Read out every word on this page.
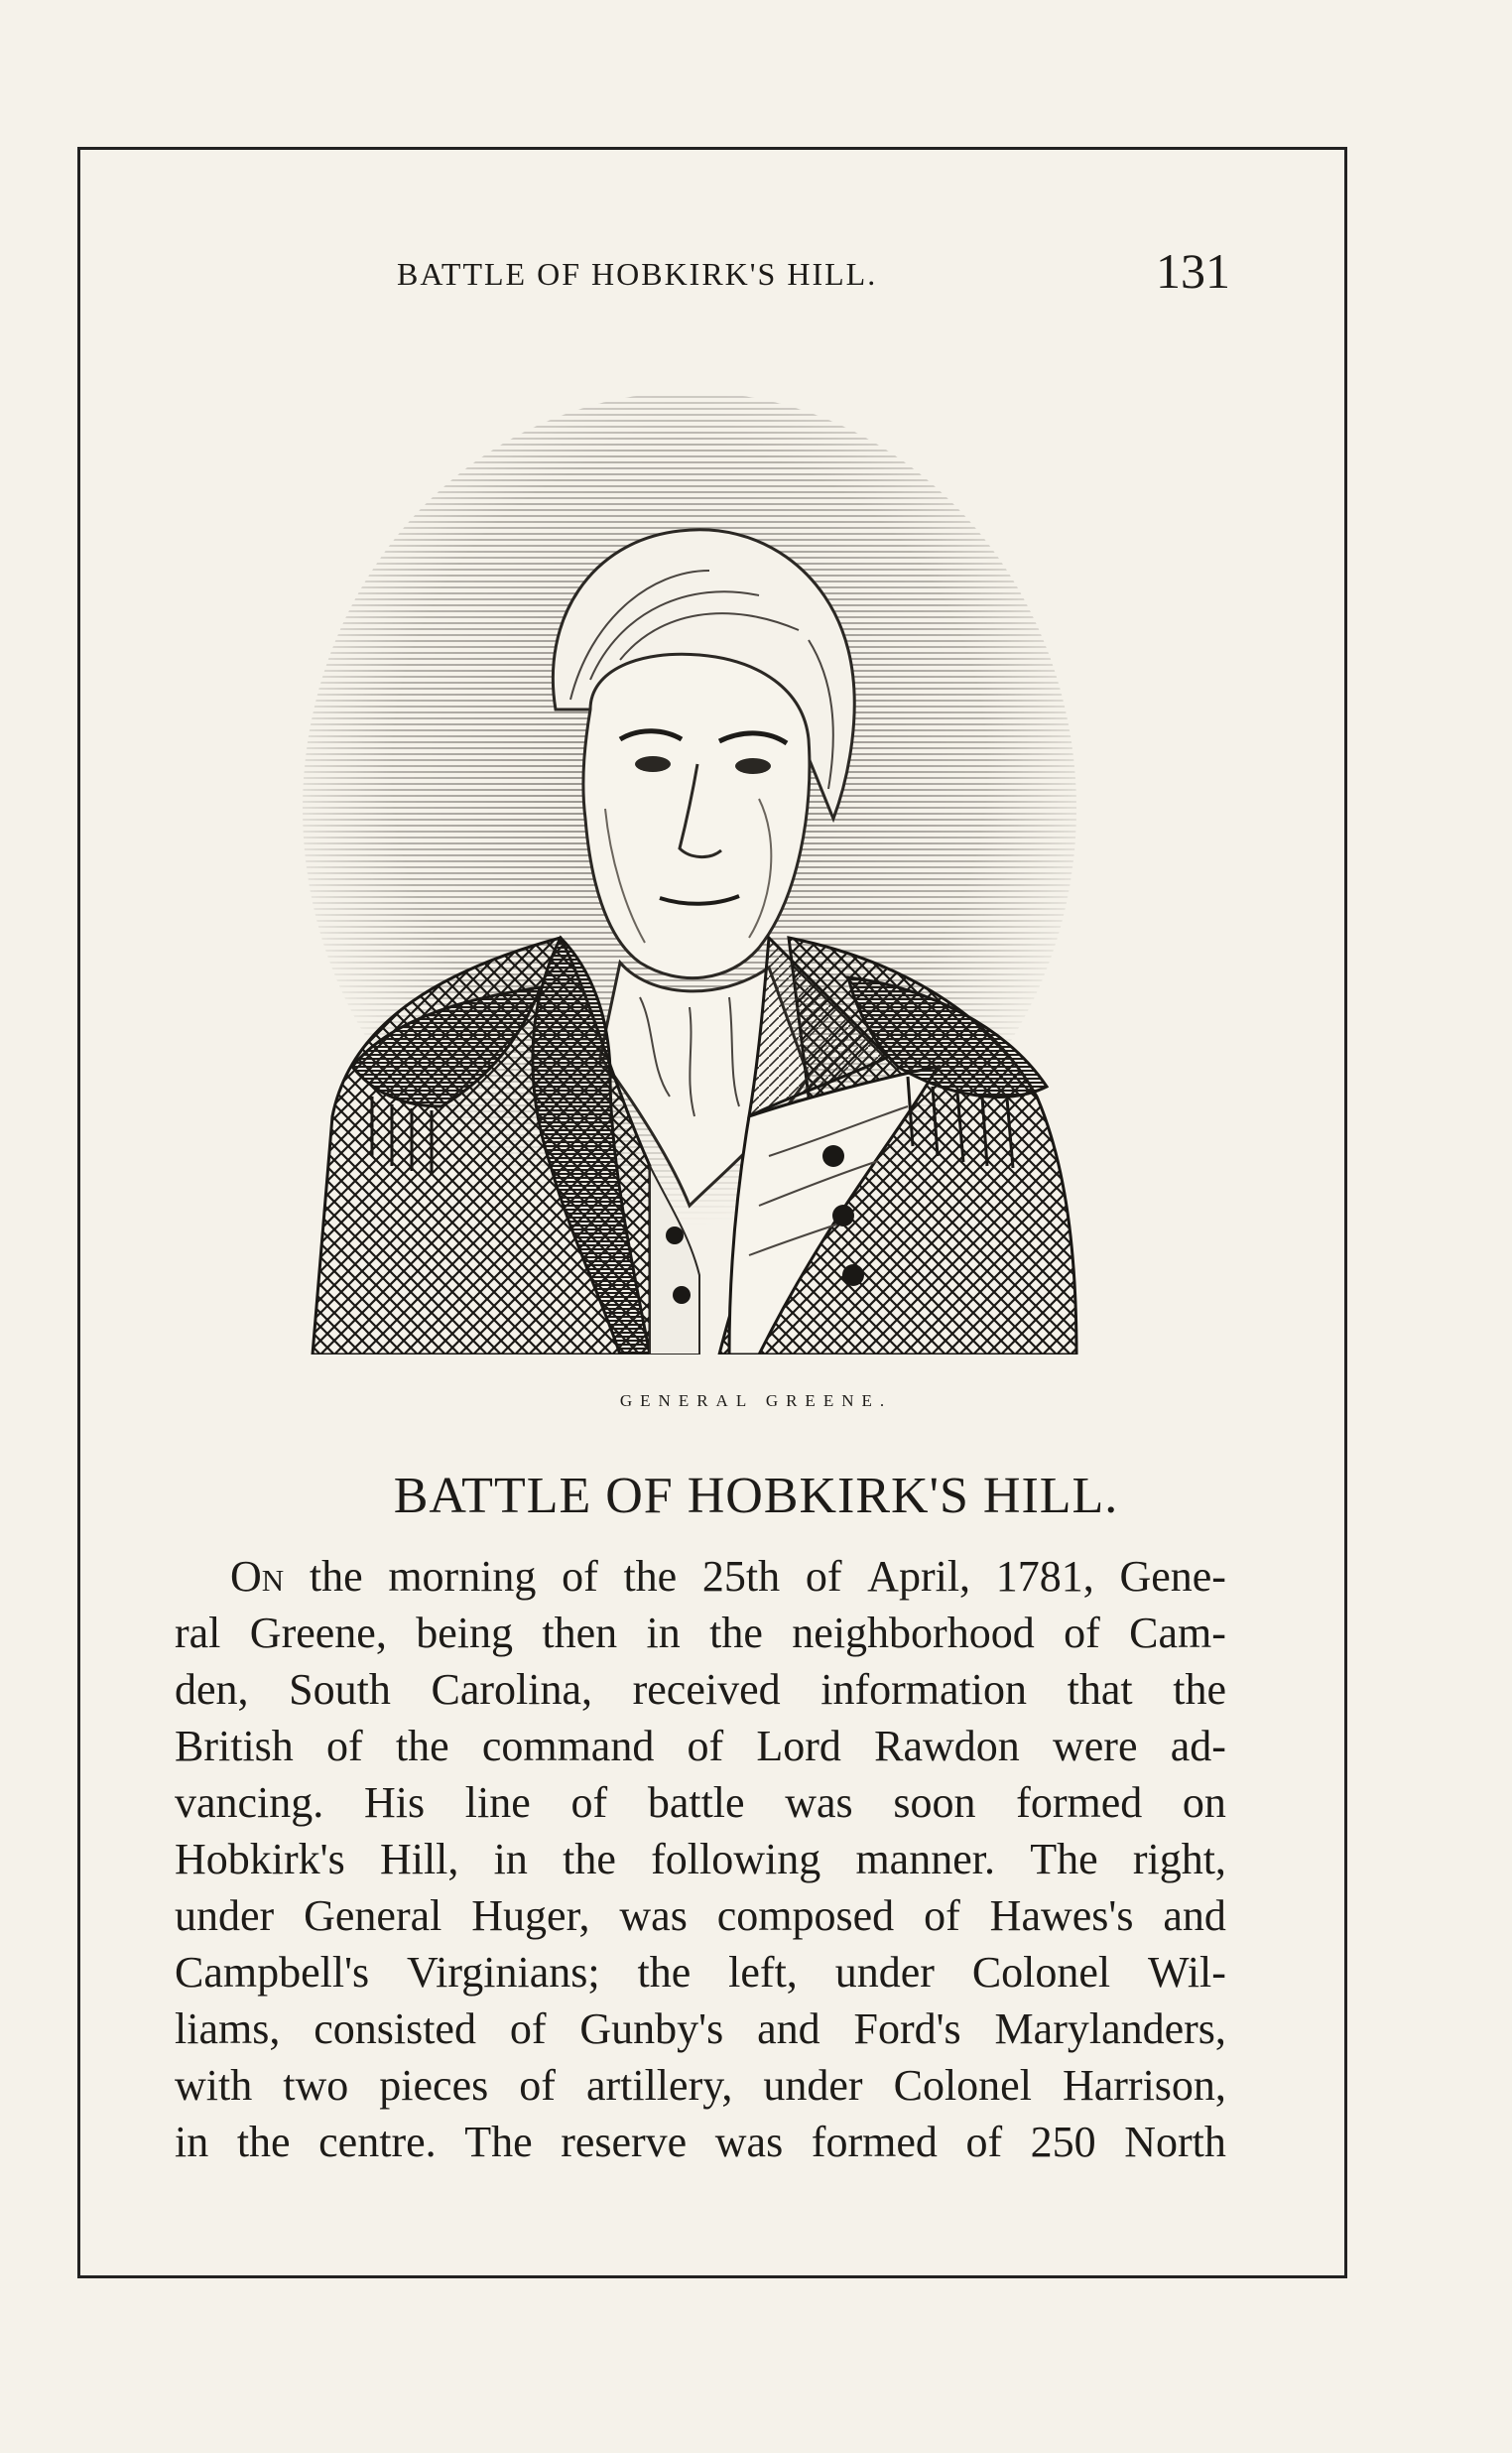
BATTLE OF HOBKIRK'S HILL.	131
GENERAL GREENE.
BATTLE OF HOBKIRK'S HILL.
On the morning of the 25th of April, 1781, Gene-
ral Greene, being then in the neighborhood of Cam-
den, South Carolina, received information that the
British of the command of Lord Rawdon were ad-
vancing. His line of battle was soon formed on
Hobkirk's Hill, in the following manner. The right,
under General Huger, was composed of Hawes's and
Campbell's Virginians; the left, under Colonel Wil-
liams, consisted of Gunby's and Ford's Marylanders,
with two pieces of artillery, under Colonel Harrison,
in the centre. The reserve was formed of 250 North
